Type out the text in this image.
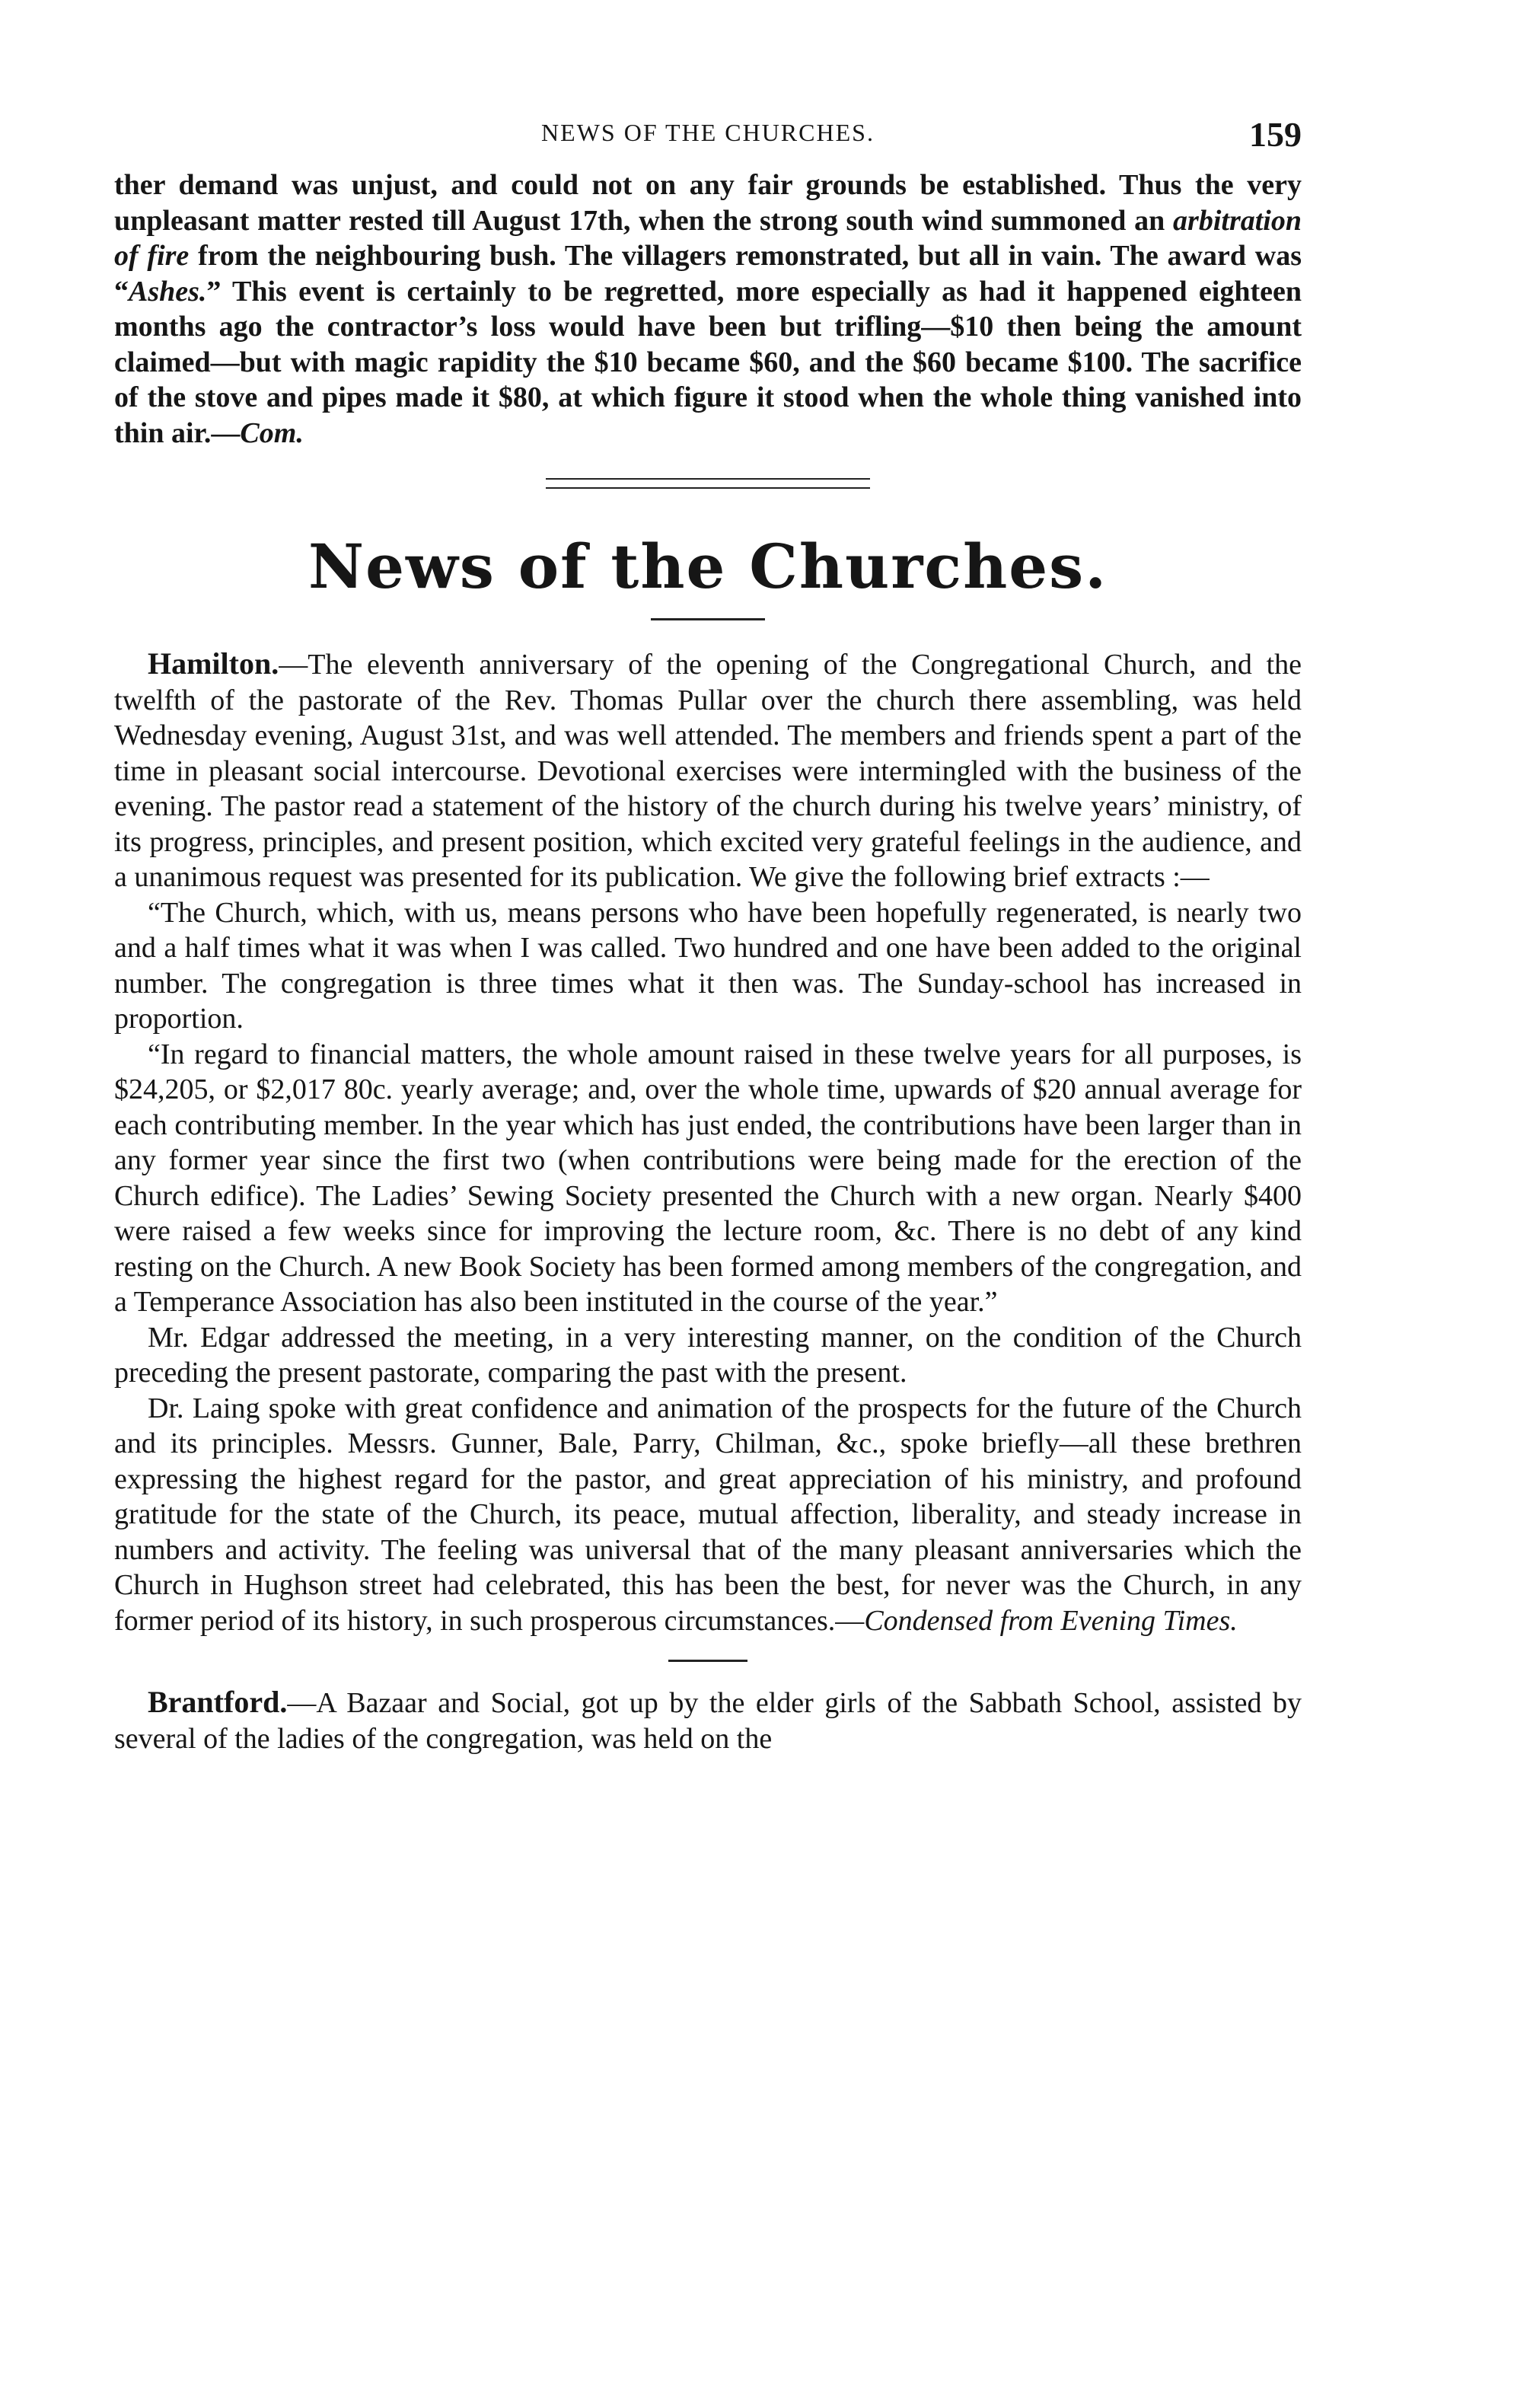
NEWS OF THE CHURCHES.	159

ther demand was unjust, and could not on any fair grounds be established. Thus the very unpleasant matter rested till August 17th, when the strong south wind summoned an arbitration of fire from the neighbouring bush. The villagers remonstrated, but all in vain. The award was “Ashes.” This event is certainly to be regretted, more especially as had it happened eighteen months ago the contractor’s loss would have been but trifling—$10 then being the amount claimed—but with magic rapidity the $10 became $60, and the $60 became $100. The sacrifice of the stove and pipes made it $80, at which figure it stood when the whole thing vanished into thin air.—Com.

News of the Churches.

Hamilton.—The eleventh anniversary of the opening of the Congregational Church, and the twelfth of the pastorate of the Rev. Thomas Pullar over the church there assembling, was held Wednesday evening, August 31st, and was well attended. The members and friends spent a part of the time in pleasant social intercourse. Devotional exercises were intermingled with the business of the evening. The pastor read a statement of the history of the church during his twelve years’ ministry, of its progress, principles, and present position, which excited very grateful feelings in the audience, and a unanimous request was presented for its publication. We give the following brief extracts :—

“The Church, which, with us, means persons who have been hopefully regenerated, is nearly two and a half times what it was when I was called. Two hundred and one have been added to the original number. The congregation is three times what it then was. The Sunday-school has increased in proportion.

“In regard to financial matters, the whole amount raised in these twelve years for all purposes, is $24,205, or $2,017 80c. yearly average; and, over the whole time, upwards of $20 annual average for each contributing member. In the year which has just ended, the contributions have been larger than in any former year since the first two (when contributions were being made for the erection of the Church edifice). The Ladies’ Sewing Society presented the Church with a new organ. Nearly $400 were raised a few weeks since for improving the lecture room, &c. There is no debt of any kind resting on the Church. A new Book Society has been formed among members of the congregation, and a Temperance Association has also been instituted in the course of the year.”

Mr. Edgar addressed the meeting, in a very interesting manner, on the condition of the Church preceding the present pastorate, comparing the past with the present.

Dr. Laing spoke with great confidence and animation of the prospects for the future of the Church and its principles. Messrs. Gunner, Bale, Parry, Chilman, &c., spoke briefly—all these brethren expressing the highest regard for the pastor, and great appreciation of his ministry, and profound gratitude for the state of the Church, its peace, mutual affection, liberality, and steady increase in numbers and activity. The feeling was universal that of the many pleasant anniversaries which the Church in Hughson street had celebrated, this has been the best, for never was the Church, in any former period of its history, in such prosperous circumstances.—Condensed from Evening Times.

Brantford.—A Bazaar and Social, got up by the elder girls of the Sabbath School, assisted by several of the ladies of the congregation, was held on the
